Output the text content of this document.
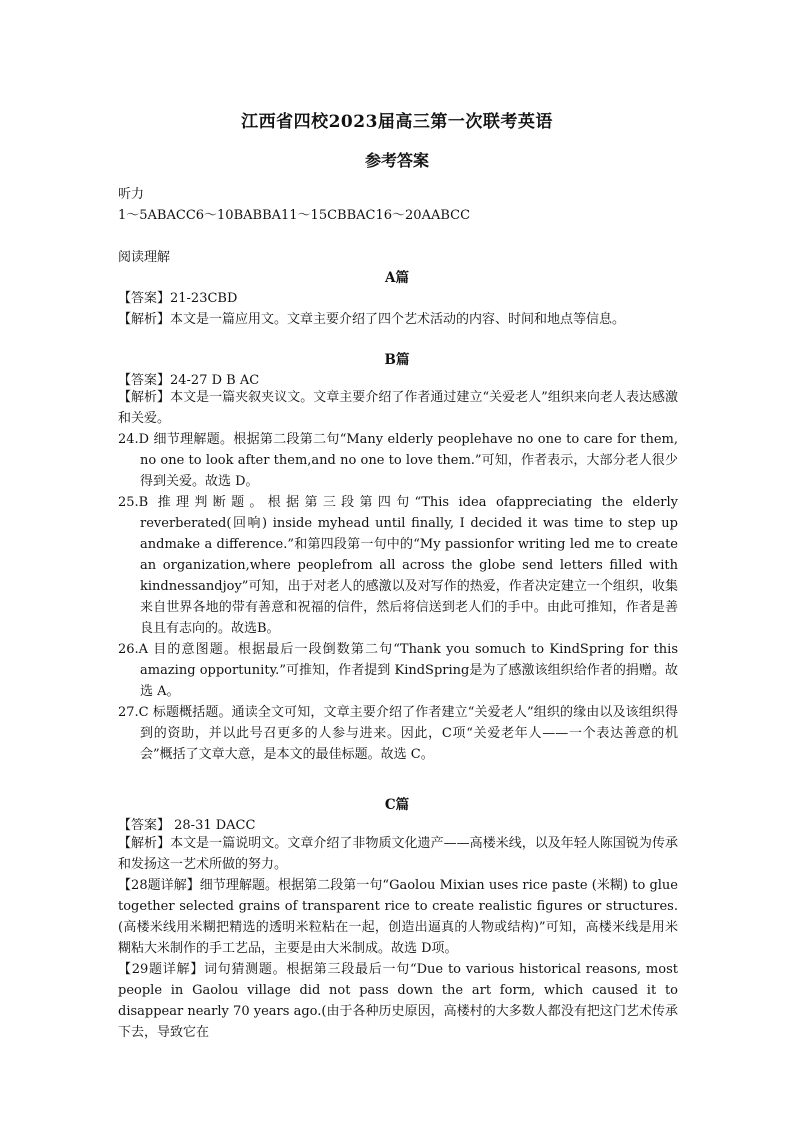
江西省四校2023届高三第一次联考英语
参考答案
听力
1～5ABACC6～10BABBA11～15CBBAC16～20AABCC
阅读理解
A篇
【答案】21-23CBD
【解析】本文是一篇应用文。文章主要介绍了四个艺术活动的内容、时间和地点等信息。
B篇
【答案】24-27 D B AC
【解析】本文是一篇夹叙夹议文。文章主要介绍了作者通过建立“关爱老人”组织来向老人表达感激和关爱。
24.D 细节理解题。根据第二段第二句“Many elderly peoplehave no one to care for them, no one to look after them,and no one to love them.”可知，作者表示，大部分老人很少得到关爱。故选 D。
25.B 推理判断题。根据第三段第四句“This idea ofappreciating the elderly reverberated(回响) inside myhead until finally, I decided it was time to step up andmake a difference.”和第四段第一句中的“My passionfor writing led me to create an organization,where peoplefrom all across the globe send letters filled with kindnessandjoy”可知，出于对老人的感激以及对写作的热爱，作者决定建立一个组织，收集来自世界各地的带有善意和祝福的信件，然后将信送到老人们的手中。由此可推知，作者是善良且有志向的。故选B。
26.A 目的意图题。根据最后一段倒数第二句“Thank you somuch to KindSpring for this amazing opportunity.”可推知，作者提到 KindSpring是为了感激该组织给作者的捐赠。故选 A。
27.C 标题概括题。通读全文可知，文章主要介绍了作者建立“关爱老人”组织的缘由以及该组织得到的资助，并以此号召更多的人参与进来。因此，C项“关爱老年人——一个表达善意的机会”概括了文章大意，是本文的最佳标题。故选 C。
C篇
【答案】 28-31 DACC
【解析】本文是一篇说明文。文章介绍了非物质文化遗产——高楼米线，以及年轻人陈国锐为传承和发扬这一艺术所做的努力。
【28题详解】细节理解题。根据第二段第一句“Gaolou Mixian uses rice paste (米糊) to glue together selected grains of transparent rice to create realistic figures or structures.(高楼米线用米糊把精选的透明米粒粘在一起，创造出逼真的人物或结构)”可知，高楼米线是用米糊粘大米制作的手工艺品，主要是由大米制成。故选 D项。
【29题详解】词句猜测题。根据第三段最后一句“Due to various historical reasons, most people in Gaolou village did not pass down the art form, which caused it to disappear nearly 70 years ago.(由于各种历史原因，高楼村的大多数人都没有把这门艺术传承下去，导致它在
